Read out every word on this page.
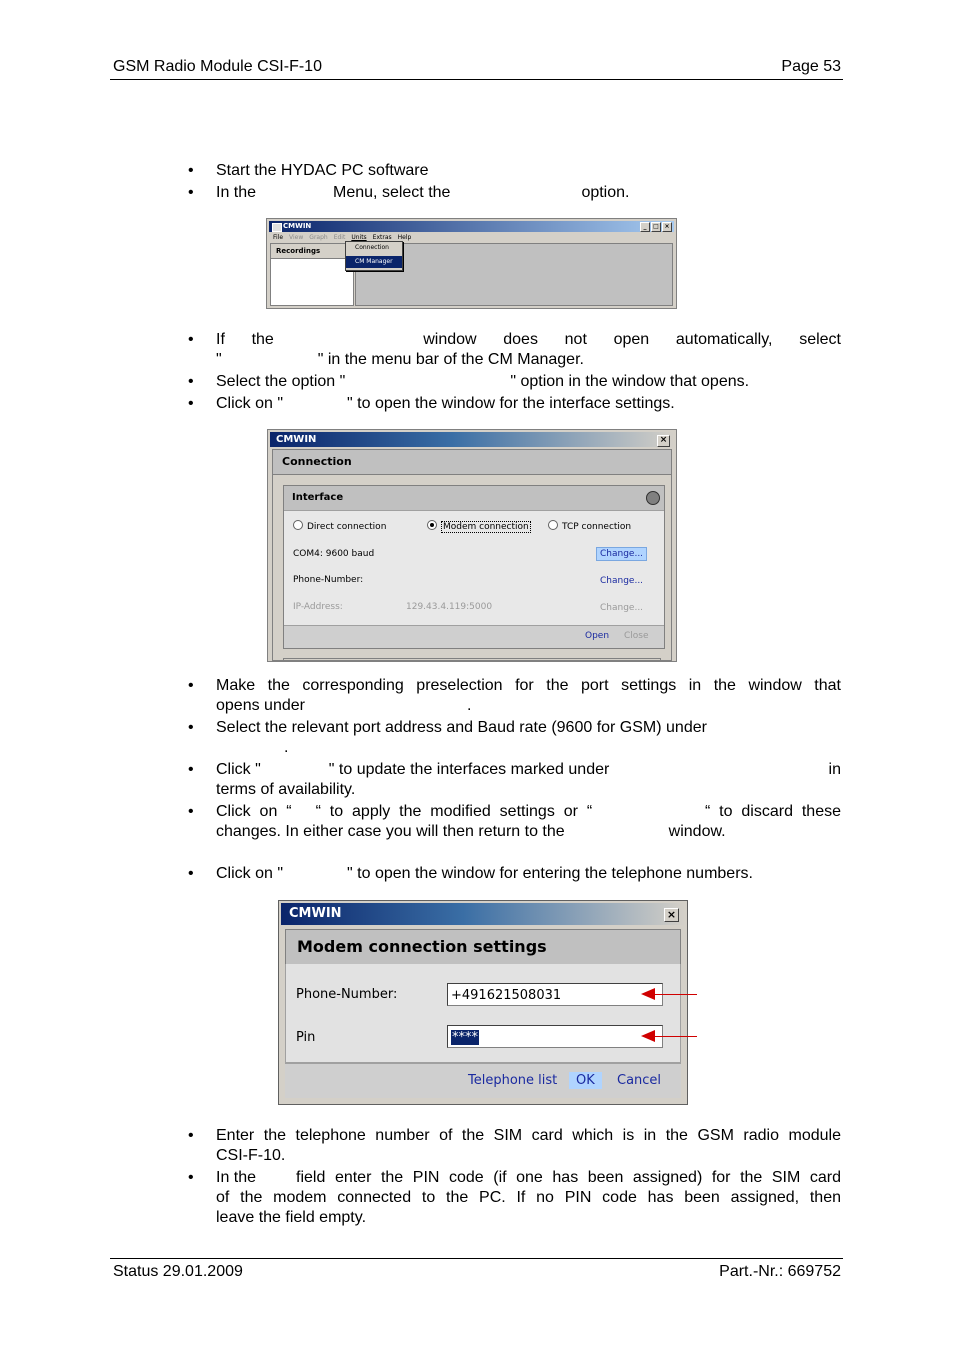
GSM Radio Module CSI-F-10	Page 53
• Start the HYDAC PC software
• In the	Menu, select the	option.
CMWIN	_	□ ×
File View Graph Edit Units Extras Help
Recordings	Connection
CM Manager
• If the	window does not open automatically, select
"	" in the menu bar of the CM Manager.
• Select the option "	" option in the window that opens.
• Click on "	" to open the window for the interface settings.
CMWIN	×
Connection
Interface
Direct connection	Modem connection	TCP connection
COM4: 9600 baud	Change...
Phone-Number:	Change...
IP-Address:	129.43.4.119:5000	Change...
Open Close
• Make the corresponding preselection for the port settings in the window that
opens under	.
• Select the relevant port address and Baud rate (9600 for GSM) under
.
• Click "	" to update the interfaces marked under	in
terms of availability.
• Click  on  “ “  to  apply  the  modified  settings  or  “	“  to  discard  these
changes. In either case you will then return to the	window.
• Click on "	" to open the window for entering the telephone numbers.
CMWIN	×
Modem connection settings
Phone-Number:	+491621508031
Pin	****
Telephone list	OK	Cancel
• Enter the telephone number of the SIM card which is in the GSM radio module
CSI-F-10.
• In the	field enter the PIN code (if one has been assigned) for the SIM card
of the modem connected to the PC. If no PIN code has been assigned, then
leave the field empty.
Status 29.01.2009	Part.-Nr.: 669752
